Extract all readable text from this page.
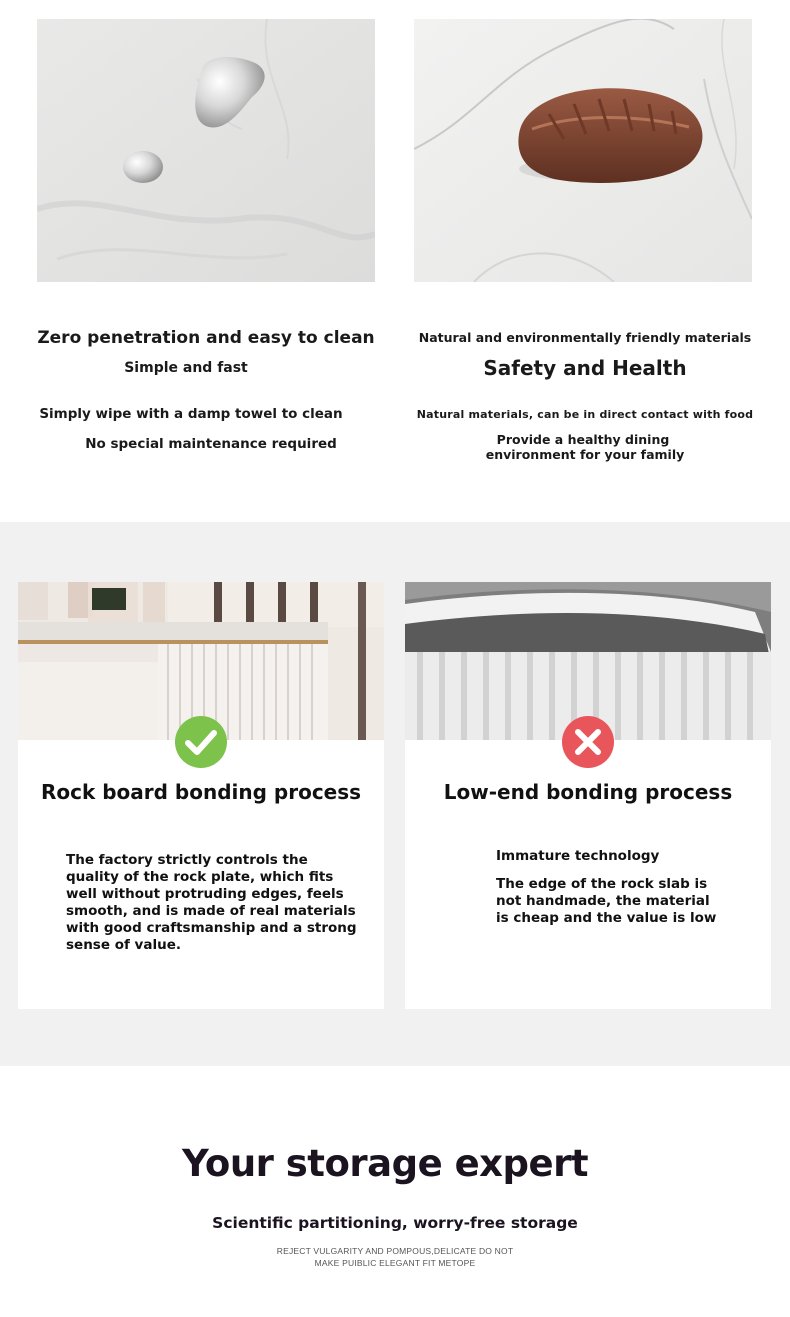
Zero penetration and easy to clean
Simple and fast
Simply wipe with a damp towel to clean
No special maintenance required
Natural and environmentally friendly materials
Safety and Health
Natural materials, can be in direct contact with food
Provide a healthy dining
environment for your family
Rock board bonding process
The factory strictly controls the
quality of the rock plate, which fits
well without protruding edges, feels
smooth, and is made of real materials
with good craftsmanship and a strong
sense of value.
Low-end bonding process
Immature technology
The edge of the rock slab is
not handmade, the material
is cheap and the value is low
Your storage expert
Scientific partitioning, worry-free storage
REJECT VULGARITY AND POMPOUS,DELICATE DO NOT
MAKE PUIBLIC ELEGANT FIT METOPE
